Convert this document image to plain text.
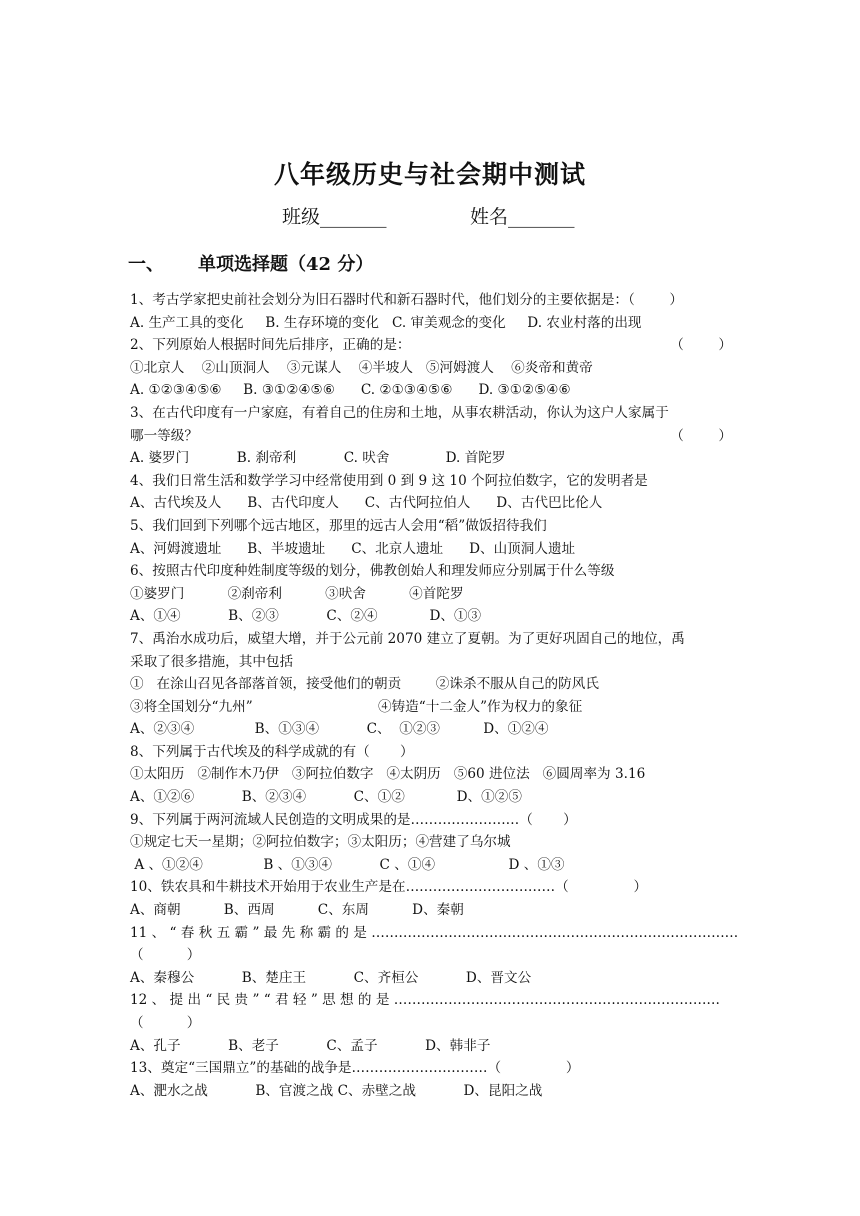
八年级历史与社会期中测试
班级_______	姓名_______
一、 单项选择题（42 分）
1、考古学家把史前社会划分为旧石器时代和新石器时代，他们划分的主要依据是：（        ）
A. 生产工具的变化     B. 生存环境的变化   C. 审美观念的变化     D. 农业村落的出现
2、下列原始人根据时间先后排序，正确的是：	（        ）
①北京人    ②山顶洞人    ③元谋人    ④半坡人   ⑤河姆渡人    ⑥炎帝和黄帝
A. ①②③④⑤⑥     B. ③①②④⑤⑥      C. ②①③④⑤⑥      D. ③①②⑤④⑥
3、在古代印度有一户家庭，有着自己的住房和土地，从事农耕活动，你认为这户人家属于
哪一等级？	（        ）
A. 婆罗门           B. 刹帝利           C. 吠舍             D. 首陀罗
4、我们日常生活和数学学习中经常使用到 0 到 9 这 10 个阿拉伯数字，它的发明者是
A、古代埃及人      B、古代印度人      C、古代阿拉伯人      D、古代巴比伦人
5、我们回到下列哪个远古地区，那里的远古人会用“稻”做饭招待我们
A、河姆渡遗址      B、半坡遗址      C、北京人遗址      D、山顶洞人遗址
6、按照古代印度种姓制度等级的划分，佛教创始人和理发师应分别属于什么等级
①婆罗门          ②刹帝利          ③吠舍          ④首陀罗
A、①④           B、②③           C、②④            D、①③
7、禹治水成功后，威望大增，并于公元前 2070 建立了夏朝。为了更好巩固自己的地位，禹
采取了很多措施，其中包括
①   在涂山召见各部落首领，接受他们的朝贡        ②诛杀不服从自己的防风氏
③将全国划分“九州”                             ④铸造“十二金人”作为权力的象征
A、②③④              B、①③④           C、  ①②③          D、①②④
8、下列属于古代埃及的科学成就的有（       ）
①太阳历   ②制作木乃伊   ③阿拉伯数字   ④太阴历   ⑤60 进位法   ⑥圆周率为 3.16
A、①②⑥           B、②③④           C、①②            D、①②⑤
9、下列属于两河流域人民创造的文明成果的是……………………（       ）
①规定七天一星期；②阿拉伯数字；③太阳历；④营建了乌尔城
A 、①②④              B 、①③④           C 、①④                 D 、①③
10、铁农具和牛耕技术开始用于农业生产是在……………………………（               ）
A、商朝          B、西周          C、东周          D、秦朝
11 、 “ 春 秋 五 霸 ” 最 先 称 霸 的 是 ………………………………………………………………………
（          ）
A、秦穆公           B、楚庄王           C、齐桓公           D、晋文公
12 、 提 出 “ 民 贵 ” “ 君 轻 ” 思 想 的 是 ………………………………………………………………
（          ）
A、孔子           B、老子           C、孟子           D、韩非子
13、奠定“三国鼎立”的基础的战争是…………………………（               ）
A、淝水之战           B、官渡之战 C、赤壁之战           D、昆阳之战
